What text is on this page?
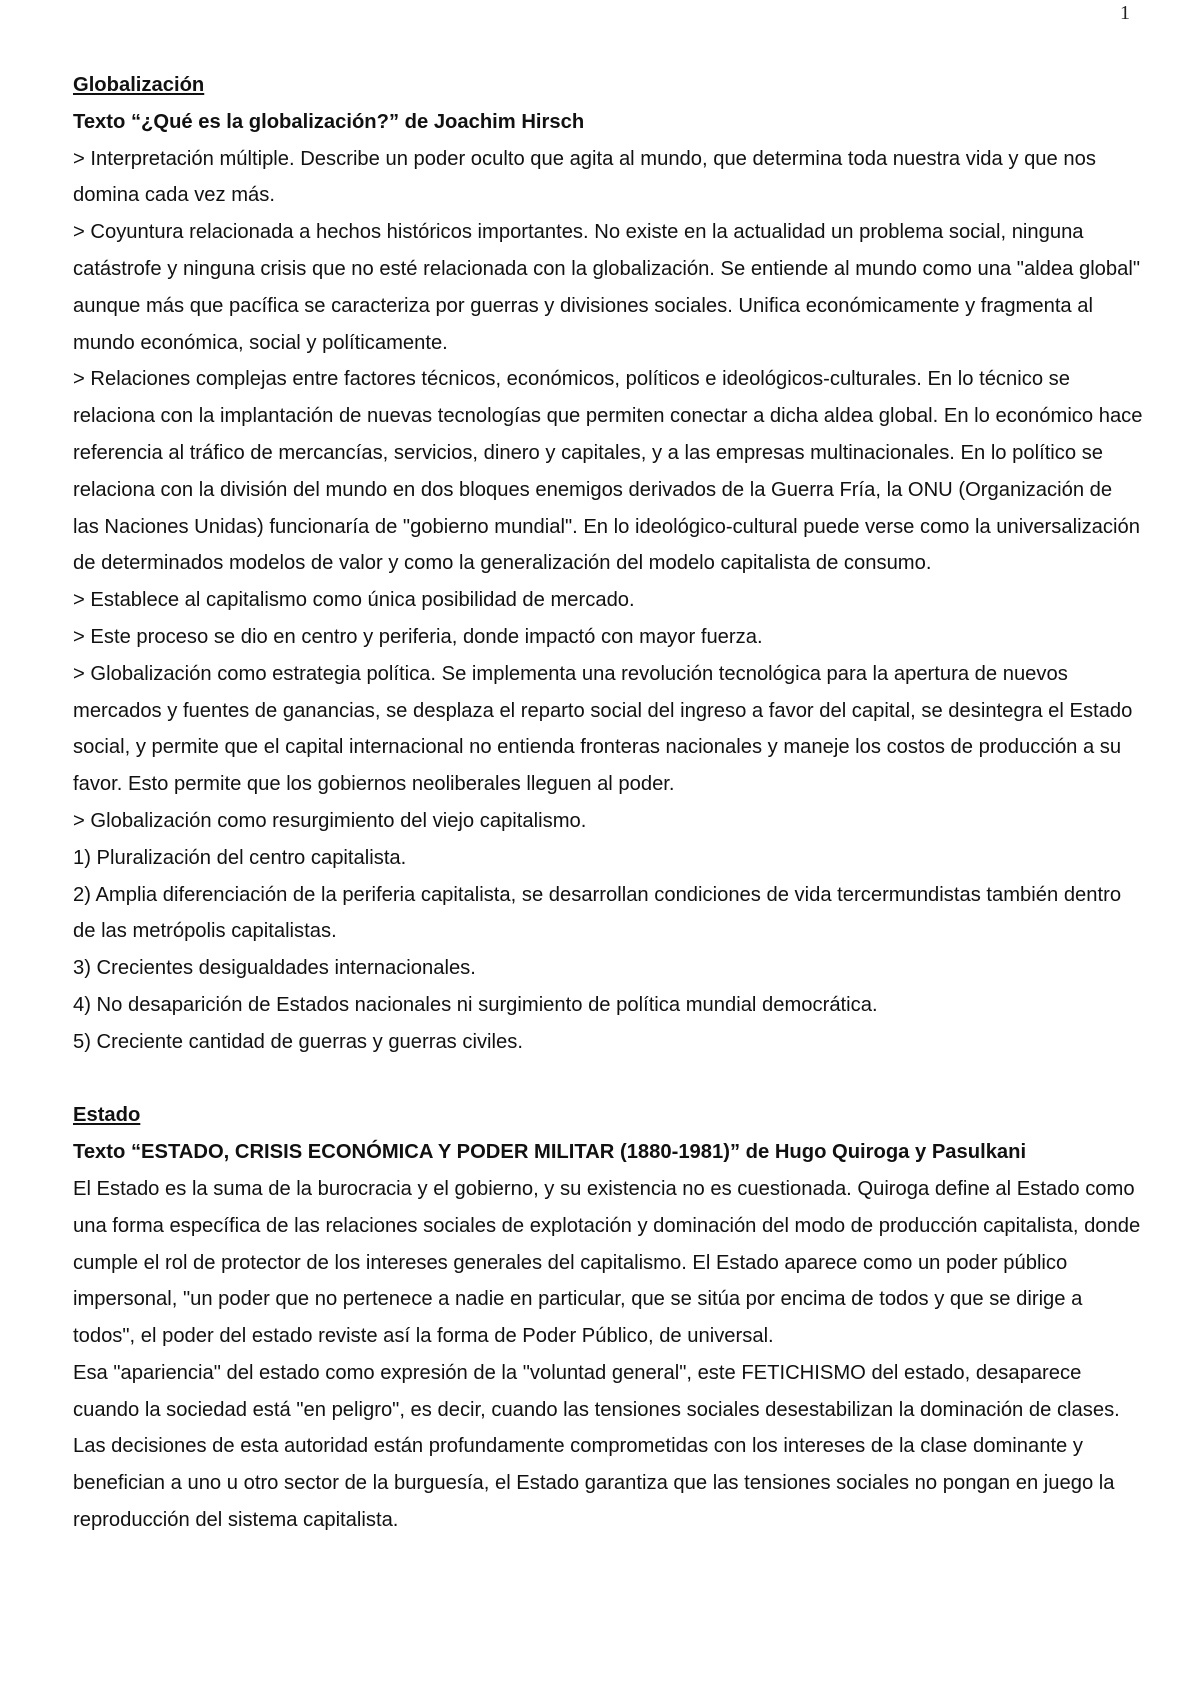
1

Globalización

Texto “¿Qué es la globalización?” de Joachim Hirsch

> Interpretación múltiple. Describe un poder oculto que agita al mundo, que determina toda nuestra vida y que nos domina cada vez más.

> Coyuntura relacionada a hechos históricos importantes. No existe en la actualidad un problema social, ninguna catástrofe y ninguna crisis que no esté relacionada con la globalización. Se entiende al mundo como una "aldea global" aunque más que pacífica se caracteriza por guerras y divisiones sociales. Unifica económicamente y fragmenta al mundo económica, social y políticamente.

> Relaciones complejas entre factores técnicos, económicos, políticos e ideológicos-culturales. En lo técnico se relaciona con la implantación de nuevas tecnologías que permiten conectar a dicha aldea global. En lo económico hace referencia al tráfico de mercancías, servicios, dinero y capitales, y a las empresas multinacionales. En lo político se relaciona con la división del mundo en dos bloques enemigos derivados de la Guerra Fría, la ONU (Organización de las Naciones Unidas) funcionaría de "gobierno mundial". En lo ideológico-cultural puede verse como la universalización de determinados modelos de valor y como la generalización del modelo capitalista de consumo.

> Establece al capitalismo como única posibilidad de mercado.

> Este proceso se dio en centro y periferia, donde impactó con mayor fuerza.

> Globalización como estrategia política. Se implementa una revolución tecnológica para la apertura de nuevos mercados y fuentes de ganancias, se desplaza el reparto social del ingreso a favor del capital, se desintegra el Estado social, y permite que el capital internacional no entienda fronteras nacionales y maneje los costos de producción a su favor. Esto permite que los gobiernos neoliberales lleguen al poder.

> Globalización como resurgimiento del viejo capitalismo.

1) Pluralización del centro capitalista.

2) Amplia diferenciación de la periferia capitalista, se desarrollan condiciones de vida tercermundistas también dentro de las metrópolis capitalistas.

3) Crecientes desigualdades internacionales.

4) No desaparición de Estados nacionales ni surgimiento de política mundial democrática.

5) Creciente cantidad de guerras y guerras civiles.

Estado

Texto “ESTADO, CRISIS ECONÓMICA Y PODER MILITAR (1880-1981)” de Hugo Quiroga y Pasulkani

El Estado es la suma de la burocracia y el gobierno, y su existencia no es cuestionada. Quiroga define al Estado como una forma específica de las relaciones sociales de explotación y dominación del modo de producción capitalista, donde cumple el rol de protector de los intereses generales del capitalismo. El Estado aparece como un poder público impersonal, "un poder que no pertenece a nadie en particular, que se sitúa por encima de todos y que se dirige a todos", el poder del estado reviste así la forma de Poder Público, de universal.

Esa "apariencia" del estado como expresión de la "voluntad general", este FETICHISMO del estado, desaparece cuando la sociedad está "en peligro", es decir, cuando las tensiones sociales desestabilizan la dominación de clases. Las decisiones de esta autoridad están profundamente comprometidas con los intereses de la clase dominante y benefician a uno u otro sector de la burguesía, el Estado garantiza que las tensiones sociales no pongan en juego la reproducción del sistema capitalista.
